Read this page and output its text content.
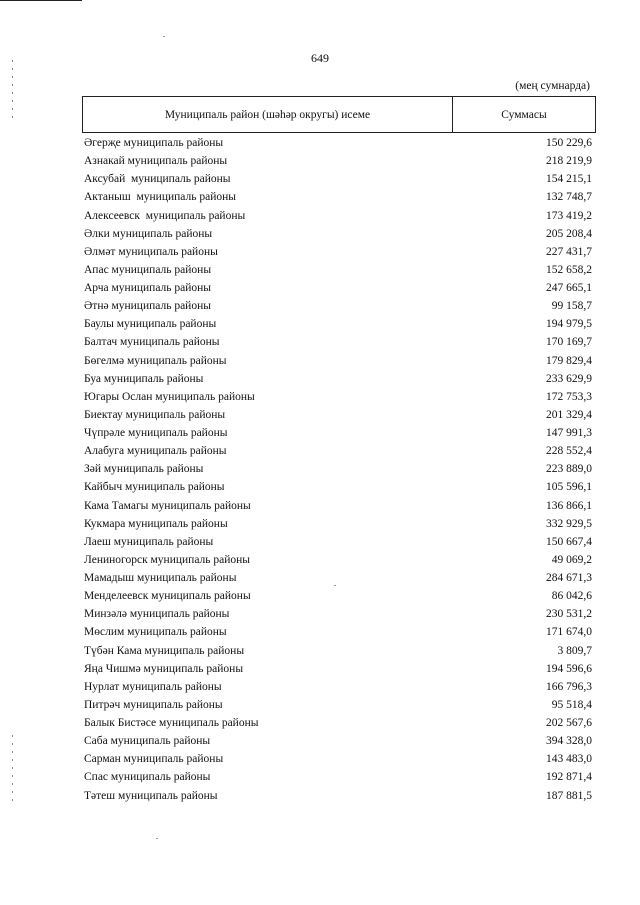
649
(мең сумнарда)
Муниципаль район (шәһәр округы) исеме	Суммасы
Әгерҗе муниципаль районы	150 229,6
Азнакай муниципаль районы	218 219,9
Аксубай  муниципаль районы	154 215,1
Актаныш  муниципаль районы	132 748,7
Алексеевск  муниципаль районы	173 419,2
Әлки муниципаль районы	205 208,4
Әлмәт муниципаль районы	227 431,7
Апас муниципаль районы	152 658,2
Арча муниципаль районы	247 665,1
Әтнә муниципаль районы	99 158,7
Баулы муниципаль районы	194 979,5
Балтач муниципаль районы	170 169,7
Бөгелмә муниципаль районы	179 829,4
Буа муниципаль районы	233 629,9
Югары Ослан муниципаль районы	172 753,3
Биектау муниципаль районы	201 329,4
Чүпрәле муниципаль районы	147 991,3
Алабуга муниципаль районы	228 552,4
Зәй муниципаль районы	223 889,0
Кайбыч муниципаль районы	105 596,1
Кама Тамагы муниципаль районы	136 866,1
Кукмара муниципаль районы	332 929,5
Лаеш муниципаль районы	150 667,4
Лениногорск муниципаль районы	49 069,2
Мамадыш муниципаль районы	284 671,3
Менделеевск муниципаль районы	86 042,6
Минзәлә муниципаль районы	230 531,2
Мөслим муниципаль районы	171 674,0
Түбән Кама муниципаль районы	3 809,7
Яңа Чишмә муниципаль районы	194 596,6
Нурлат муниципаль районы	166 796,3
Питрәч муниципаль районы	95 518,4
Балык Бистәсе муниципаль районы	202 567,6
Саба муниципаль районы	394 328,0
Сарман муниципаль районы	143 483,0
Спас муниципаль районы	192 871,4
Тәтеш муниципаль районы	187 881,5
